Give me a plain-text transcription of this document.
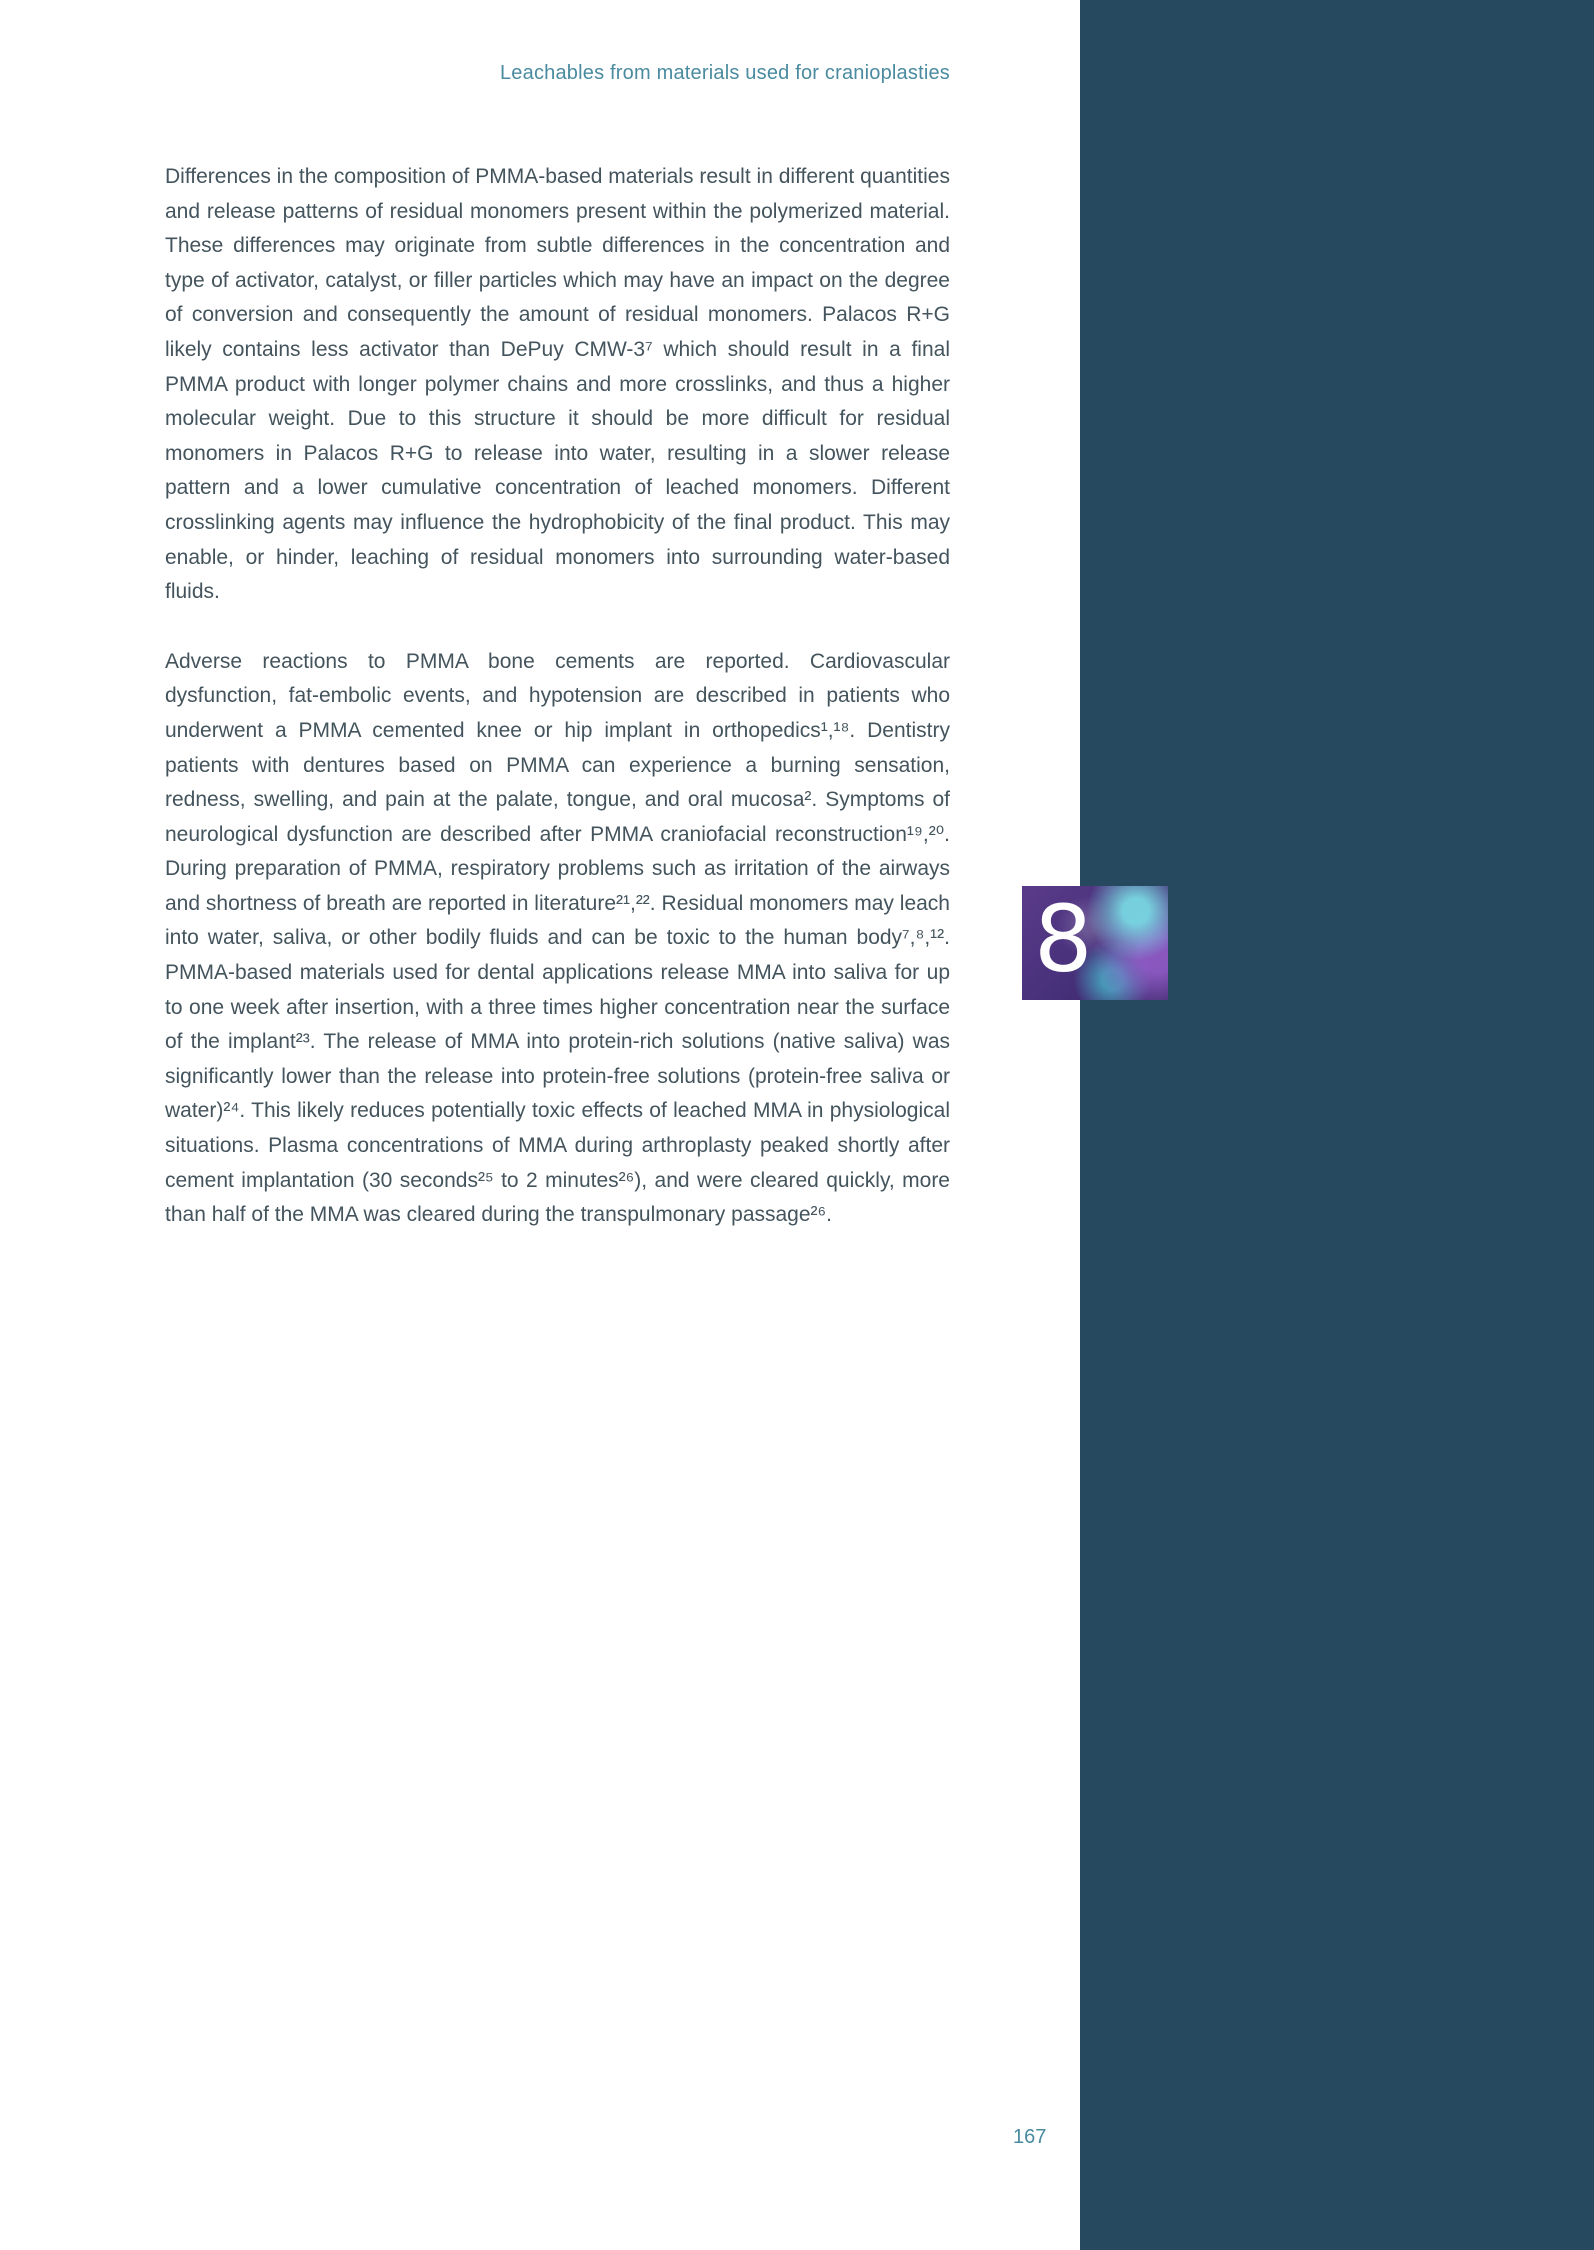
Leachables from materials used for cranioplasties

Differences in the composition of PMMA-based materials result in different quantities and release patterns of residual monomers present within the polymerized material. These differences may originate from subtle differences in the concentration and type of activator, catalyst, or filler particles which may have an impact on the degree of conversion and consequently the amount of residual monomers. Palacos R+G likely contains less activator than DePuy CMW-3⁷ which should result in a final PMMA product with longer polymer chains and more crosslinks, and thus a higher molecular weight. Due to this structure it should be more difficult for residual monomers in Palacos R+G to release into water, resulting in a slower release pattern and a lower cumulative concentration of leached monomers. Different crosslinking agents may influence the hydrophobicity of the final product. This may enable, or hinder, leaching of residual monomers into surrounding water-based fluids.

Adverse reactions to PMMA bone cements are reported. Cardiovascular dysfunction, fat-embolic events, and hypotension are described in patients who underwent a PMMA cemented knee or hip implant in orthopedics¹,¹⁸. Dentistry patients with dentures based on PMMA can experience a burning sensation, redness, swelling, and pain at the palate, tongue, and oral mucosa². Symptoms of neurological dysfunction are described after PMMA craniofacial reconstruction¹⁹,²⁰. During preparation of PMMA, respiratory problems such as irritation of the airways and shortness of breath are reported in literature²¹,²². Residual monomers may leach into water, saliva, or other bodily fluids and can be toxic to the human body⁷,⁸,¹². PMMA-based materials used for dental applications release MMA into saliva for up to one week after insertion, with a three times higher concentration near the surface of the implant²³. The release of MMA into protein-rich solutions (native saliva) was significantly lower than the release into protein-free solutions (protein-free saliva or water)²⁴. This likely reduces potentially toxic effects of leached MMA in physiological situations. Plasma concentrations of MMA during arthroplasty peaked shortly after cement implantation (30 seconds²⁵ to 2 minutes²⁶), and were cleared quickly, more than half of the MMA was cleared during the transpulmonary passage²⁶.

8
167
